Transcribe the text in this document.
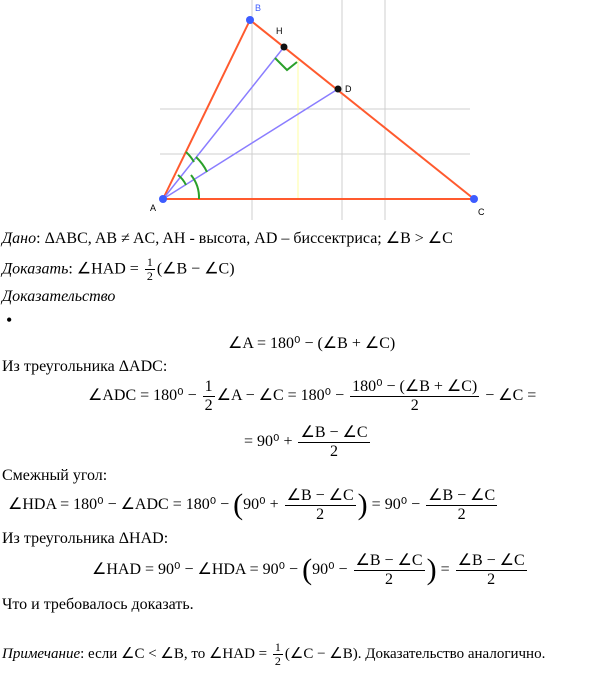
A
B
C
H
D
Дано: ΔABC, AB ≠ AC, AH - высота, AD – биссектриса; ∠B > ∠C
Доказать: ∠HAD = $\frac{1}{2}$ (∠B − ∠C)
Доказательство
•
∠A = 180⁰ − (∠B + ∠C)
Из треугольника ΔADC:
∠ADC = $180^0 - \frac{1}{2}$ ∠A − ∠C = $180^0 - \frac{\text{180⁰ − (∠B + ∠C)}}{2}$ − ∠C =
= $90^0 + \frac{\angle B - \angle C}{2}$
Смежный угол:
∠HDA = 180⁰ − ∠ADC = $180^0 - (90^0 + \frac{\angle B - \angle C}{2}$ ) = $90^0 - \frac{\angle B - \angle C}{2}$
Из треугольника ΔHAD:
∠HAD = 90⁰ − ∠HDA = $90^0 - (90^0 - \frac{\angle B - \angle C}{2}$ ) = $\frac{\angle B - \angle C}{2}$
Что и требовалось доказать.
Примечание: если ∠C < ∠B, то ∠HAD = $\frac{1}{2}$ (∠C − ∠B). Доказательство аналогично.
